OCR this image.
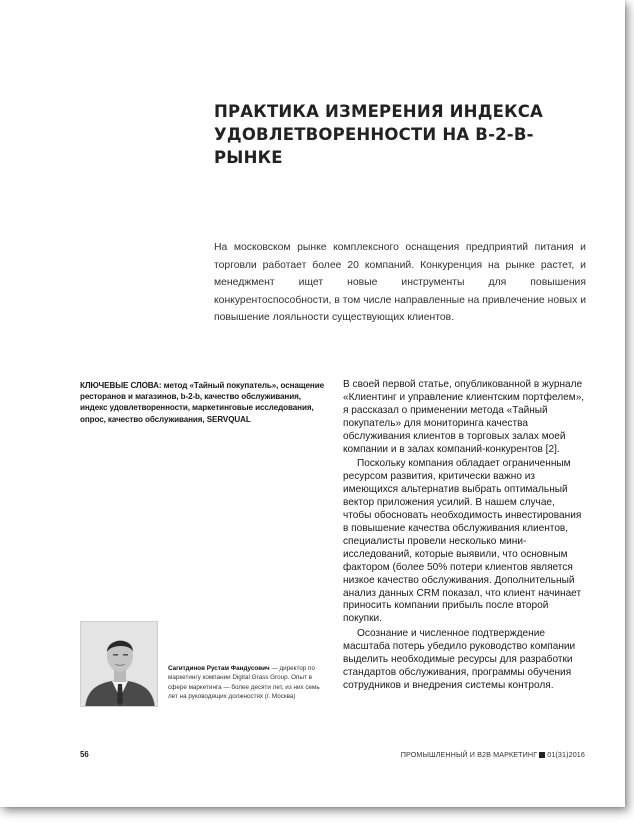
ПРАКТИКА ИЗМЕРЕНИЯ ИНДЕКСА
УДОВЛЕТВОРЕННОСТИ НА B-2-B-РЫНКЕ

На московском рынке комплексного оснащения предприятий питания и торговли работает более 20 компаний. Конкуренция на рынке растет, и менеджмент ищет новые инструменты для повышения конкурентоспособности, в том числе направленные на привлечение новых и повышение лояльности существующих клиентов.

КЛЮЧЕВЫЕ СЛОВА: метод «Тайный покупатель», оснащение ресторанов и магазинов, b-2-b, качество обслуживания, индекс удовлетворенности, маркетинговые исследования, опрос, качество обслуживания, SERVQUAL

В своей первой статье, опубликованной в журнале «Клиентинг и управление клиентским портфелем», я рассказал о применении метода «Тайный покупатель» для мониторинга качества обслуживания клиентов в торговых залах моей компании и в залах компаний-конкурентов [2].

Поскольку компания обладает ограниченным ресурсом развития, критически важно из имеющихся альтернатив выбрать оптимальный вектор приложения усилий. В нашем случае, чтобы обосновать необходимость инвестирования в повышение качества обслуживания клиентов, специалисты провели несколько мини-исследований, которые выявили, что основным фактором (более 50% потери клиентов является низкое качество обслуживания. Дополнительный анализ данных CRM показал, что клиент начинает приносить компании прибыль после второй покупки.

Осознание и численное подтверждение масштаба потерь убедило руководство компании выделить необходимые ресурсы для разработки стандартов обслуживания, программы обучения сотрудников и внедрения системы контроля.

Сагитдинов Рустам Фандусович — директор по маркетингу компании Digital Grass Group. Опыт в сфере маркетинга — более десяти лет, из них семь лет на руководящих должностях (г. Москва)

56	ПРОМЫШЛЕННЫЙ И B2B МАРКЕТИНГ 01(31)2016
